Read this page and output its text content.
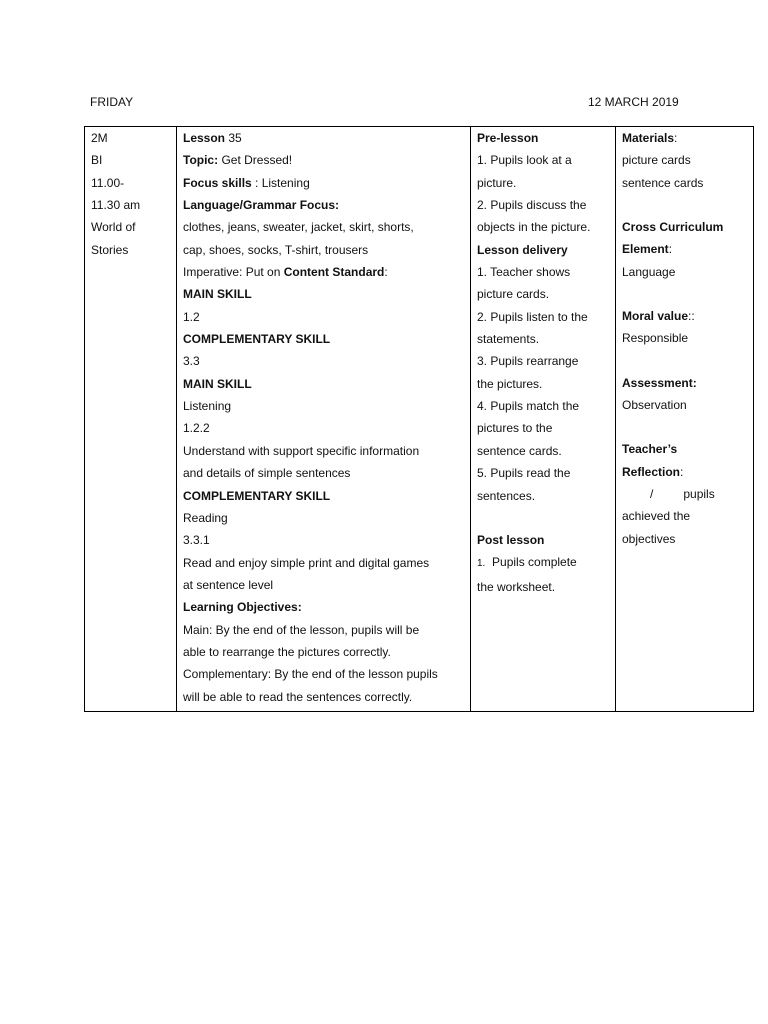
FRIDAY	12 MARCH 2019
2M
BI
11.00-
11.30 am
World of
Stories

Lesson 35
Topic: Get Dressed!
Focus skills : Listening
Language/Grammar Focus:
clothes, jeans, sweater, jacket, skirt, shorts,
cap, shoes, socks, T-shirt, trousers
Imperative: Put on Content Standard:
MAIN SKILL
1.2
COMPLEMENTARY SKILL
3.3
MAIN SKILL
Listening
1.2.2
Understand with support specific information
and details of simple sentences
COMPLEMENTARY SKILL
Reading
3.3.1
Read and enjoy simple print and digital games
at sentence level
Learning Objectives:
Main: By the end of the lesson, pupils will be
able to rearrange the pictures correctly.
Complementary: By the end of the lesson pupils
will be able to read the sentences correctly.

Pre-lesson
1. Pupils look at a
picture.
2. Pupils discuss the
objects in the picture.
Lesson delivery
1. Teacher shows
picture cards.
2. Pupils listen to the
statements.
3. Pupils rearrange
the pictures.
4. Pupils match the
pictures to the
sentence cards.
5. Pupils read the
sentences.
Post lesson
1.  Pupils complete
the worksheet.

Materials:
picture cards
sentence cards
Cross Curriculum
Element:
Language
Moral value::
Responsible
Assessment:
Observation
Teacher’s
Reflection:
/	pupils
achieved the
objectives
